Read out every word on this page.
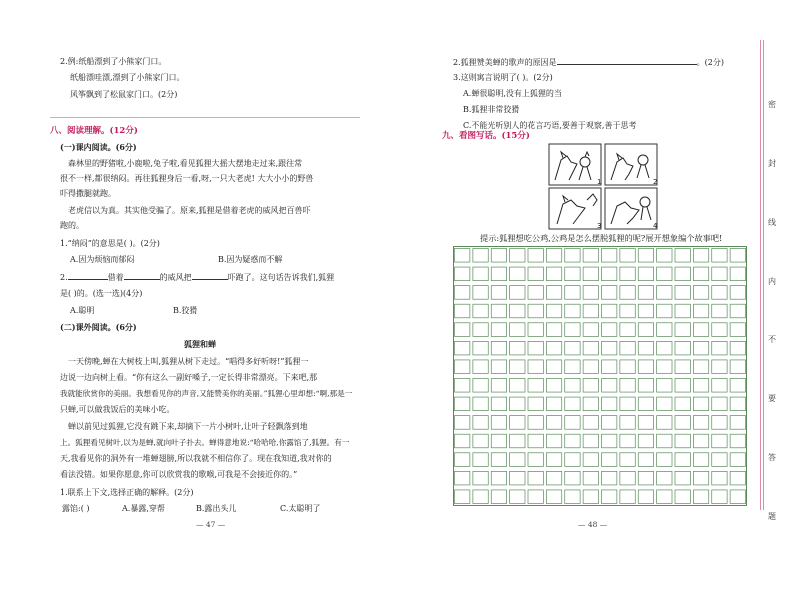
2.例:纸船漂到了小熊家门口。
纸船漂哇漂,漂到了小熊家门口。
风筝飘到了松鼠家门口。(2分)
八、阅读理解。(12分)
(一)课内阅读。(6分)
森林里的野猪啦,小鹿啦,兔子啦,看见狐狸大摇大摆地走过来,跟往常
很不一样,都很纳闷。再往狐狸身后一看,呀,一只大老虎! 大大小小的野兽
吓得撒腿就跑。
老虎信以为真。其实他受骗了。原来,狐狸是借着老虎的威风把百兽吓
跑的。
1.“纳闷”的意思是( )。(2分)
A.因为烦恼而郁闷	B.因为疑惑而不解
2.	借着	的威风把	吓跑了。这句话告诉我们,狐狸
是( )的。(选一选)(4分)
A.聪明	B.狡猾
(二)课外阅读。(6分)
狐狸和蝉
一天傍晚,蝉在大树枝上叫,狐狸从树下走过。“唱得多好听呀!”狐狸一
边说一边向树上看。“你有这么一副好嗓子,一定长得非常漂亮。下来吧,那
我就能欣赏你的美丽。我想看见你的声音,又能赞美你的美丽。”狐狸心里却想:“啊,那是一
只蝉,可以做我饭后的美味小吃。
蝉以前见过狐狸,它没有跳下来,却摘下一片小树叶,让叶子轻飘落到地
上。狐狸看见树叶,以为是蝉,就向叶子扑去。蝉得意地说:“哈哈哈,你露馅了,狐狸。有一
天,我看见你的洞外有一堆蝉翅膀,所以我就不相信你了。现在我知道,我对你的
看法没错。如果你愿意,你可以欣赏我的歌喉,可我是不会接近你的。”
1.联系上下文,选择正确的解释。(2分)
露馅:( )	A.暴露,穿帮	B.露出头儿	C.太聪明了
— 47 —
2.狐狸赞美蝉的歌声的原因是	。(2分)
3.这则寓言说明了( )。(2分)
A.蝉很聪明,没有上狐狸的当
B.狐狸非常狡猾
C.不能光听别人的花言巧语,要善于观察,善于思考
九、看图写话。(15分)
1	2
3	4
提示:狐狸想吃公鸡,公鸡是怎么摆脱狐狸的呢?展开想象编个故事吧!
— 48 —
密
封
线
内
不
要
答
题
